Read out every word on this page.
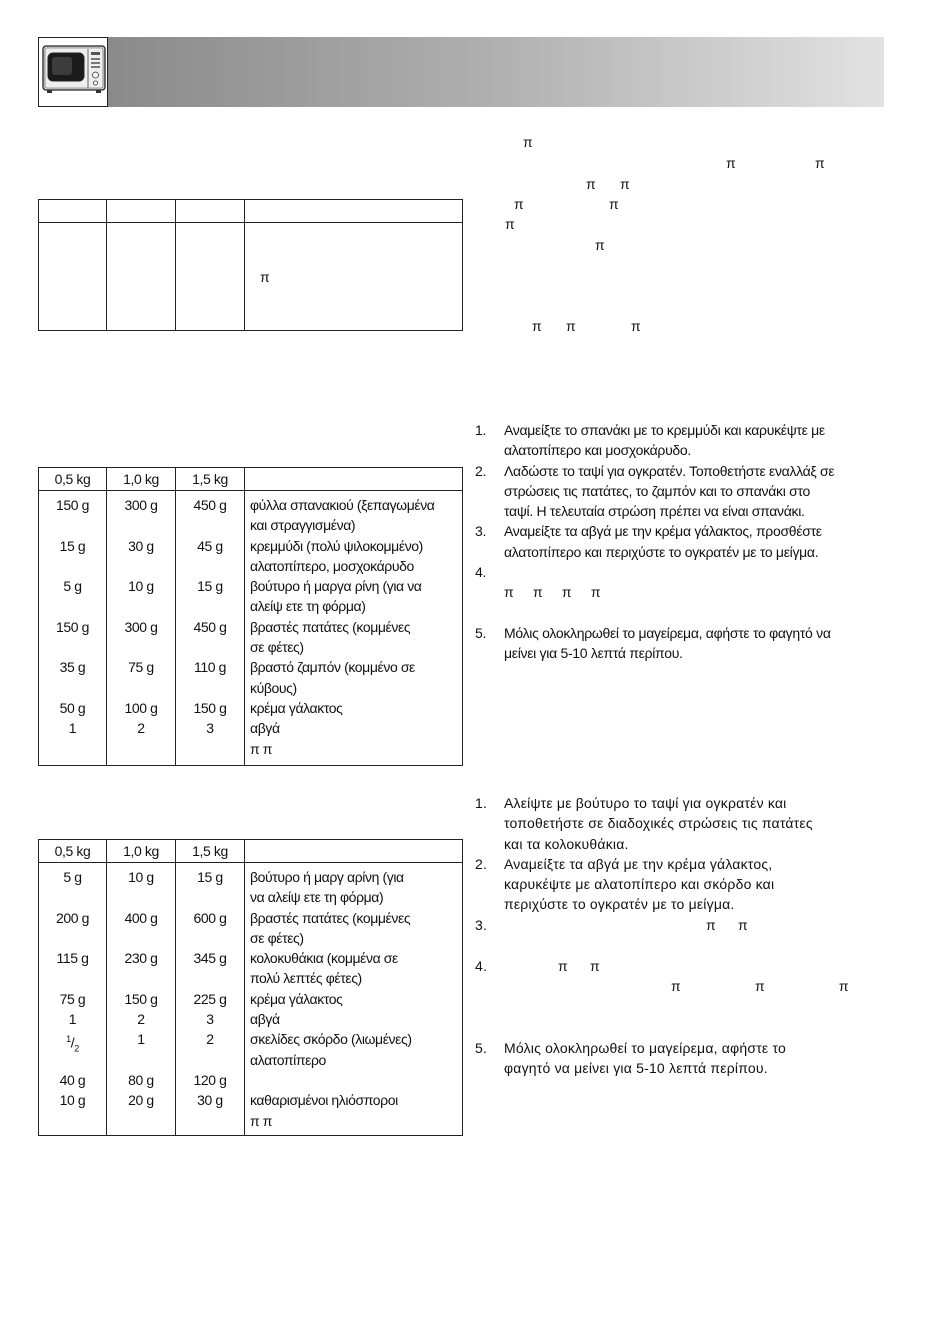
			π
0,5 kg	1,0 kg	1,5 kg	

150 g	300 g	450 g	φύλλα σπανακιού (ξεπαγωμένα
και στραγγισμένα)

15 g	30 g	45 g	κρεμμύδι (πολύ ψιλοκομμένο)
αλατοπίπερο, μοσχοκάρυδο

5 g	10 g	15 g	βούτυρο ή μαργα ρίνη (για να
αλείψ ετε τη φόρμα)

150 g	300 g	450 g	βραστές πατάτες (κομμένες
σε φέτες)

35 g	75 g	110 g	βραστό ζαμπόν (κομμένο σε
κύβους)

50 g	100 g	150 g	κρέμα γάλακτος

1	2	3	αβγά
π π
0,5 kg	1,0 kg	1,5 kg	

5 g	10 g	15 g	βούτυρο ή μαργ αρίνη (για
να αλείψ ετε τη φόρμα)

200 g	400 g	600 g	βραστές πατάτες (κομμένες
σε φέτες)

115 g	230 g	345 g	κολοκυθάκια (κομμένα σε
πολύ λεπτές φέτες)

75 g	150 g	225 g	κρέμα γάλακτος

1	2	3	αβγά

$^1/_2$	1	2	σκελίδες σκόρδο (λιωμένες)
αλατοπίπερο

40 g	80 g	120 g	

10 g	20 g	30 g	καθαρισμένοι ηλιόσποροι
π π
π
π	π
π π
π	π
π
π
π π	π
1. Αναμείξτε το σπανάκι με το κρεμμύδι και καρυκέψτε με
αλατοπίπερο και μοσχοκάρυδο.
2. Λαδώστε το ταψί για ογκρατέν. Τοποθετήστε εναλλάξ σε
στρώσεις τις πατάτες, το ζαμπόν και το σπανάκι στο
ταψί. Η τελευταία στρώση πρέπει να είναι σπανάκι.
3. Αναμείξτε τα αβγά με την κρέμα γάλακτος, προσθέστε
αλατοπίπερο και περιχύστε το ογκρατέν με το μείγμα.
4.
π π π π
5. Μόλις ολοκληρωθεί το μαγείρεμα, αφήστε το φαγητό να
μείνει για 5-10 λεπτά περίπου.
1. Αλείψτε με βούτυρο το ταψί για ογκρατέν και
τοποθετήστε σε διαδοχικές στρώσεις τις πατάτες
και τα κολοκυθάκια.
2. Αναμείξτε τα αβγά με την κρέμα γάλακτος,
καρυκέψτε με αλατοπίπερο και σκόρδο και
περιχύστε το ογκρατέν με το μείγμα.
3.	π π
4.	π π
π π π
5. Μόλις ολοκληρωθεί το μαγείρεμα, αφήστε το
φαγητό να μείνει για 5-10 λεπτά περίπου.
